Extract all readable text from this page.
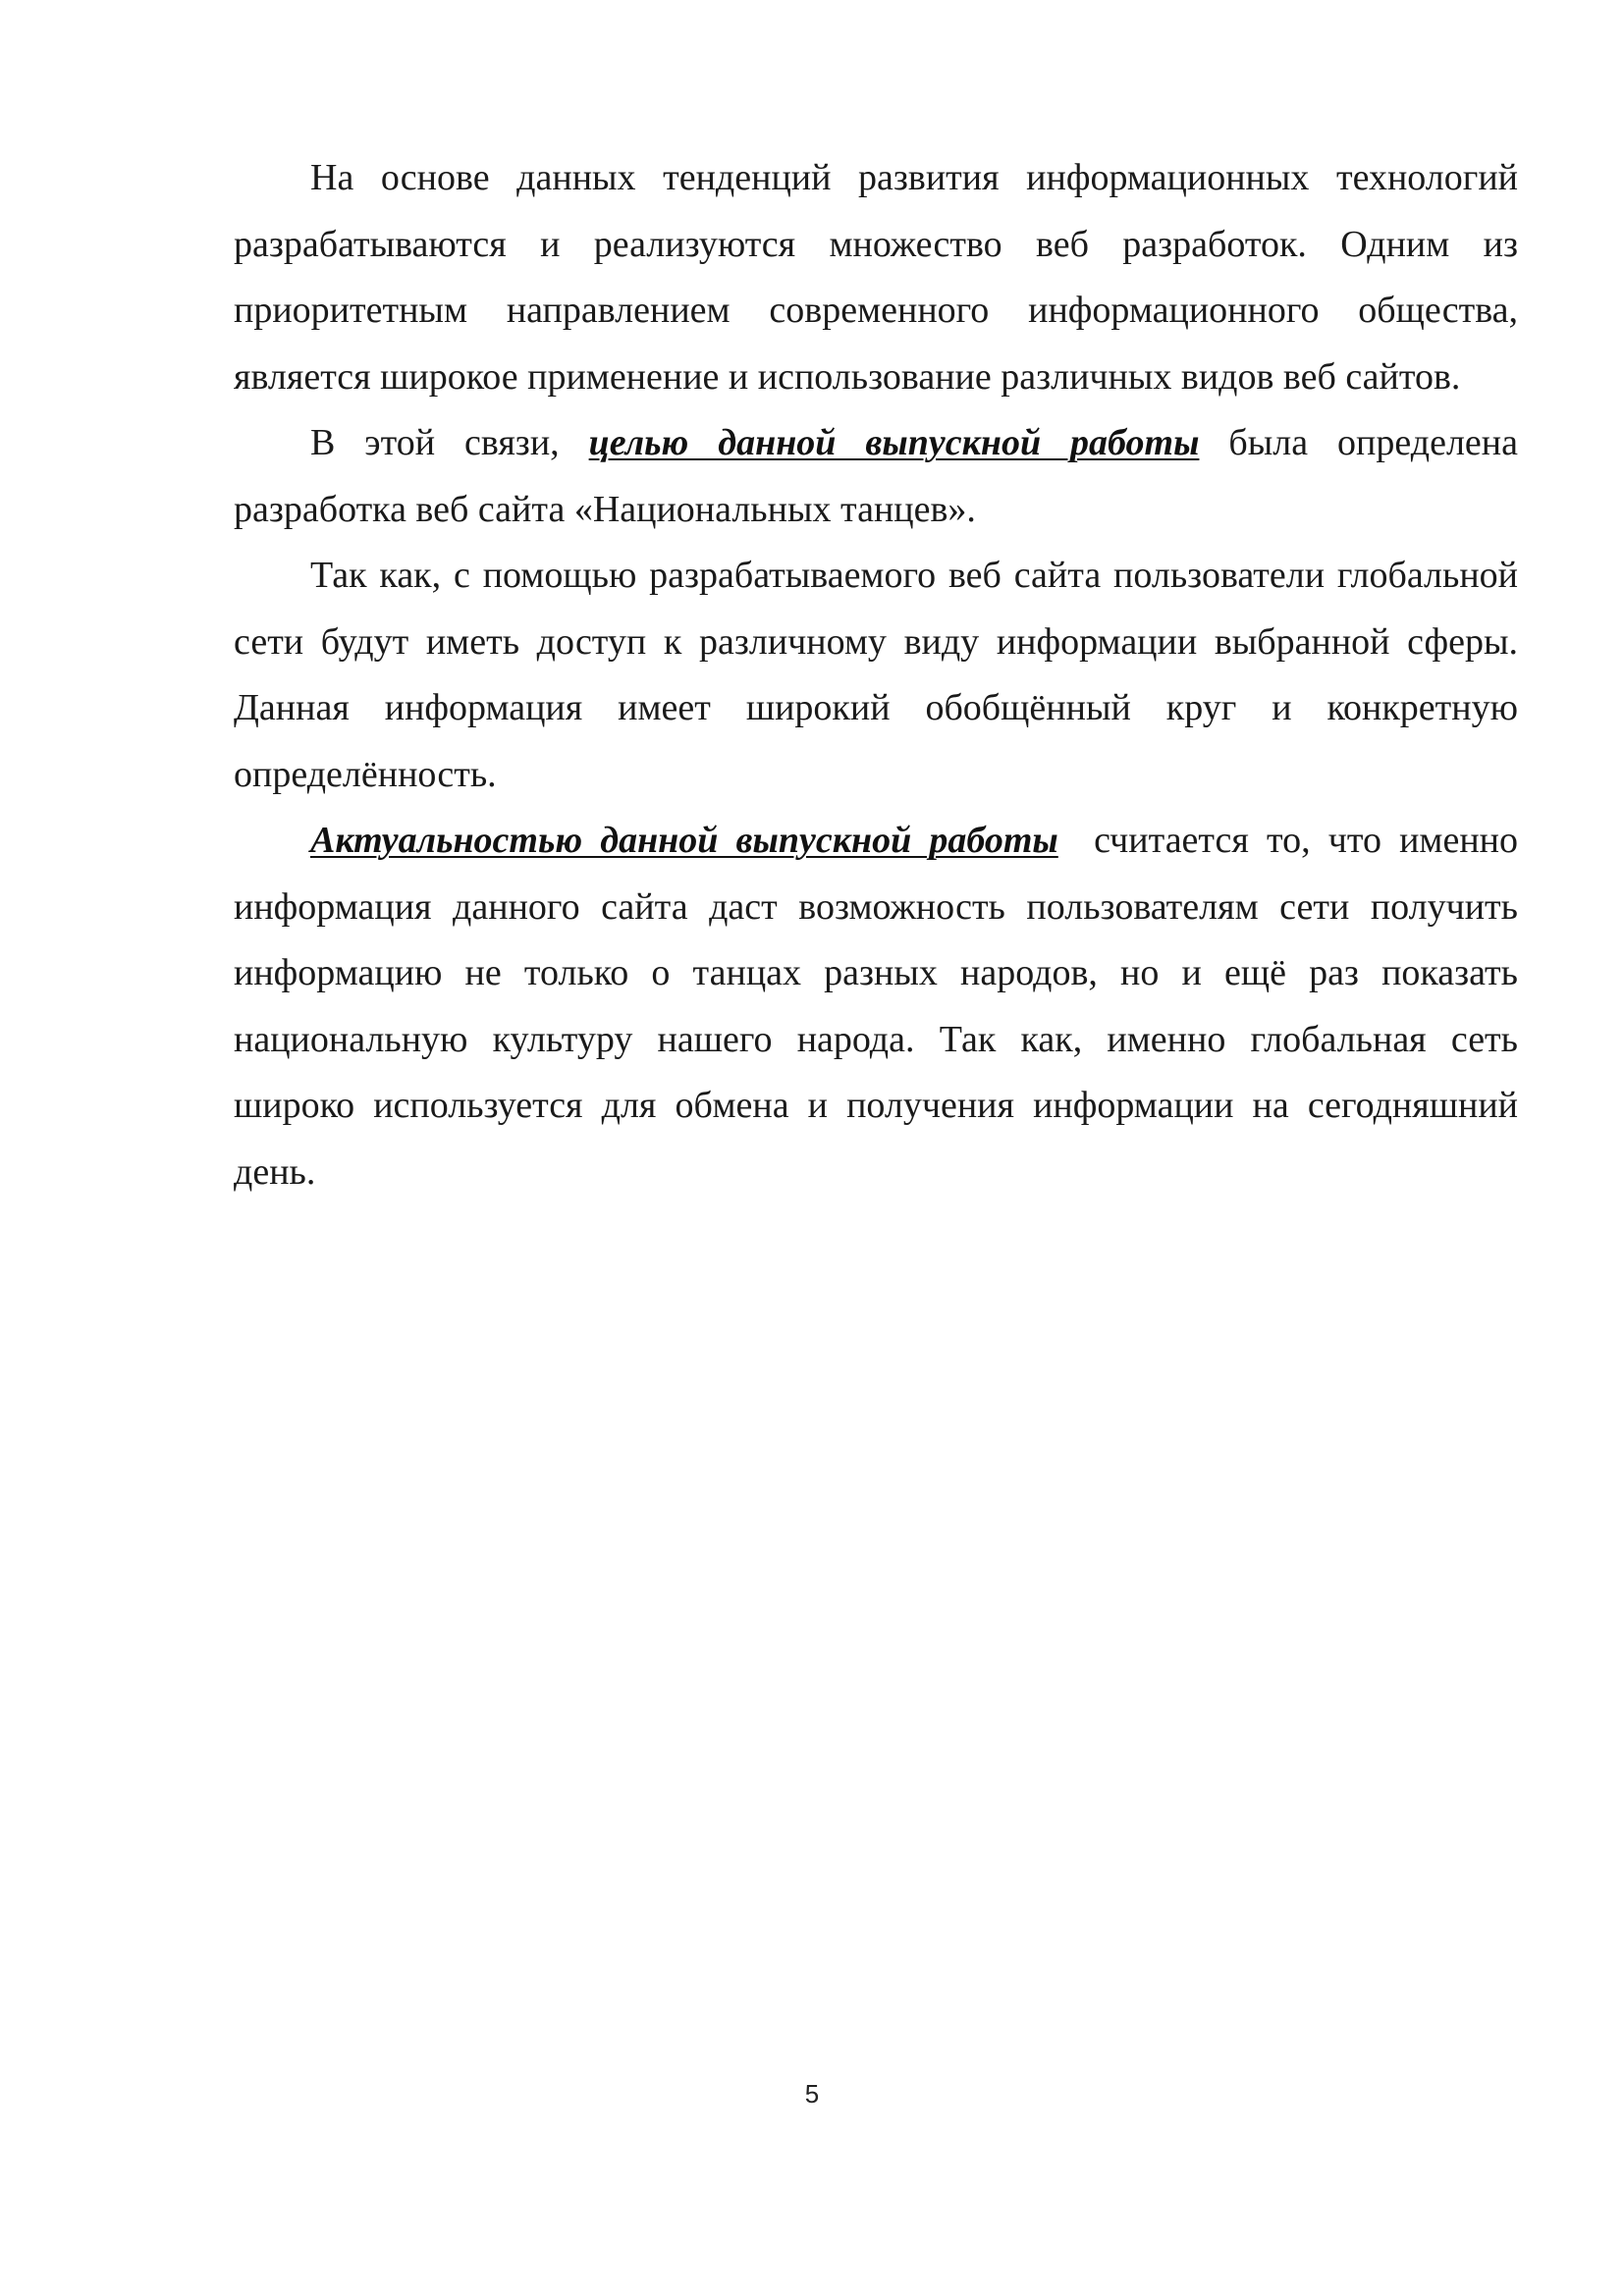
На основе данных тенденций развития информационных технологий разрабатываются и реализуются множество веб разработок. Одним из приоритетным направлением современного информационного общества, является широкое применение и использование различных видов веб сайтов.

В этой связи, целью данной выпускной работы была определена разработка веб сайта «Национальных танцев».

Так как, с помощью разрабатываемого веб сайта пользователи глобальной сети будут иметь доступ к различному виду информации выбранной сферы. Данная информация имеет широкий обобщённый круг и конкретную определённость.

Актуальностью данной выпускной работы  считается то, что именно информация данного сайта даст возможность пользователям сети получить информацию не только о танцах разных народов, но и ещё раз показать национальную культуру нашего народа. Так как, именно глобальная сеть широко используется для обмена и получения информации на сегодняшний день.

5
